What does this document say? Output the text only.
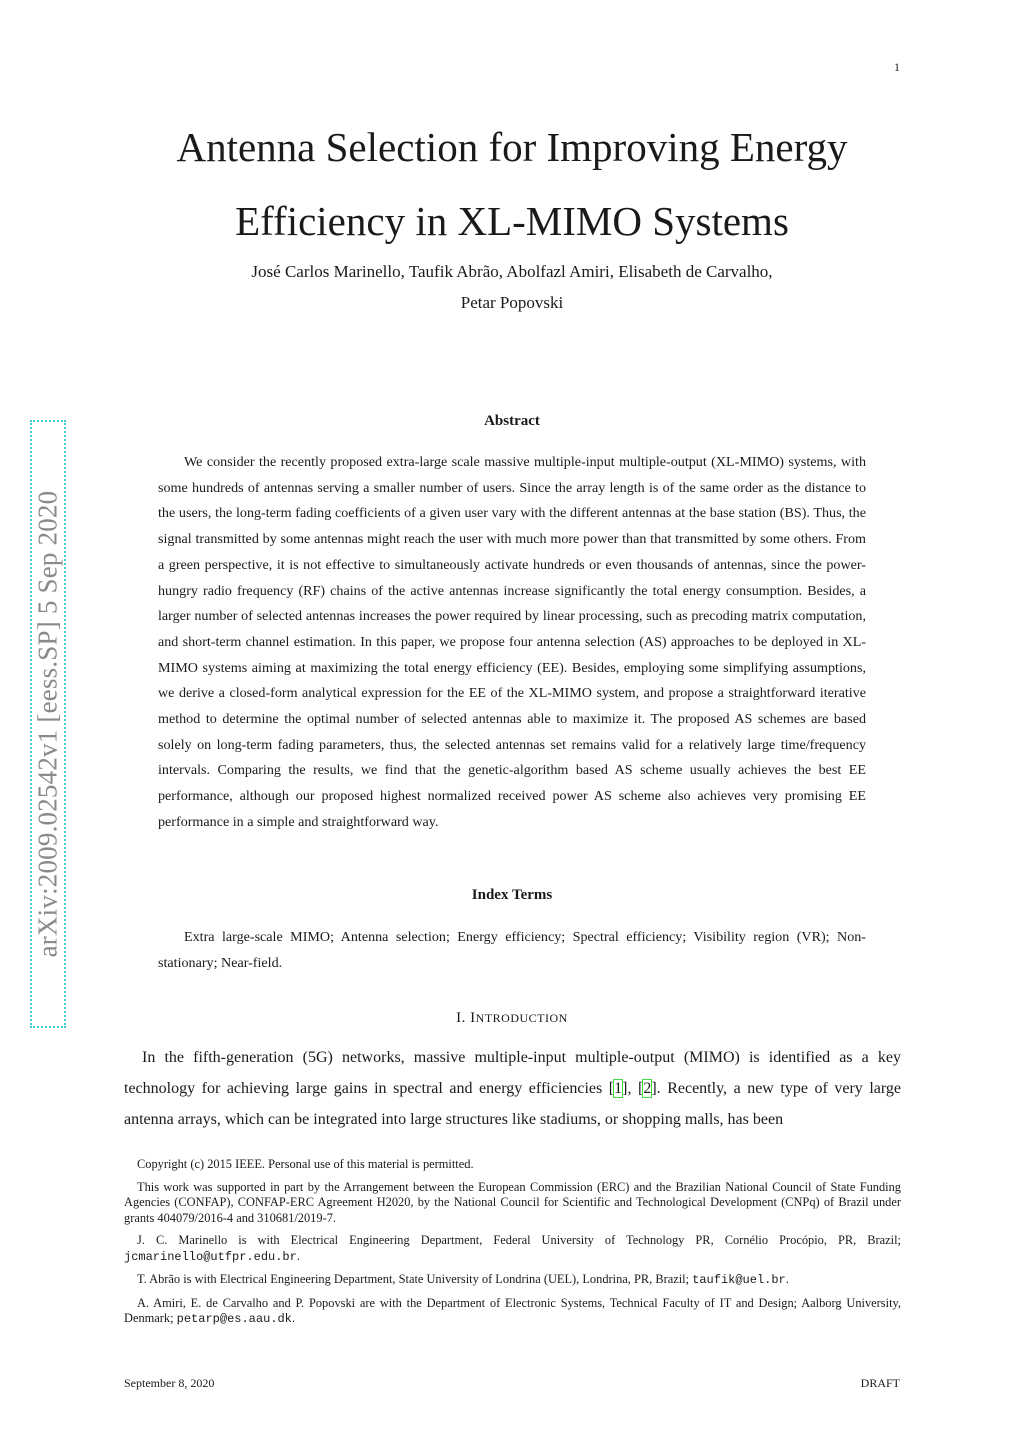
1
Antenna Selection for Improving Energy
Efficiency in XL-MIMO Systems
José Carlos Marinello, Taufik Abrão, Abolfazl Amiri, Elisabeth de Carvalho,
Petar Popovski
arXiv:2009.02542v1 [eess.SP] 5 Sep 2020
Abstract

We consider the recently proposed extra-large scale massive multiple-input multiple-output (XL-MIMO) systems, with some hundreds of antennas serving a smaller number of users. Since the array length is of the same order as the distance to the users, the long-term fading coefficients of a given user vary with the different antennas at the base station (BS). Thus, the signal transmitted by some antennas might reach the user with much more power than that transmitted by some others. From a green perspective, it is not effective to simultaneously activate hundreds or even thousands of antennas, since the power-hungry radio frequency (RF) chains of the active antennas increase significantly the total energy consumption. Besides, a larger number of selected antennas increases the power required by linear processing, such as precoding matrix computation, and short-term channel estimation. In this paper, we propose four antenna selection (AS) approaches to be deployed in XL-MIMO systems aiming at maximizing the total energy efficiency (EE). Besides, employing some simplifying assumptions, we derive a closed-form analytical expression for the EE of the XL-MIMO system, and propose a straightforward iterative method to determine the optimal number of selected antennas able to maximize it. The proposed AS schemes are based solely on long-term fading parameters, thus, the selected antennas set remains valid for a relatively large time/frequency intervals. Comparing the results, we find that the genetic-algorithm based AS scheme usually achieves the best EE performance, although our proposed highest normalized received power AS scheme also achieves very promising EE performance in a simple and straightforward way.

Index Terms

Extra large-scale MIMO; Antenna selection; Energy efficiency; Spectral efficiency; Visibility region (VR); Non-stationary; Near-field.

I. INTRODUCTION

In the fifth-generation (5G) networks, massive multiple-input multiple-output (MIMO) is identified as a key technology for achieving large gains in spectral and energy efficiencies [1], [2]. Recently, a new type of very large antenna arrays, which can be integrated into large structures like stadiums, or shopping malls, has been

Copyright (c) 2015 IEEE. Personal use of this material is permitted.

This work was supported in part by the Arrangement between the European Commission (ERC) and the Brazilian National Council of State Funding Agencies (CONFAP), CONFAP-ERC Agreement H2020, by the National Council for Scientific and Technological Development (CNPq) of Brazil under grants 404079/2016-4 and 310681/2019-7.

J. C. Marinello is with Electrical Engineering Department, Federal University of Technology PR, Cornélio Procópio, PR, Brazil; jcmarinello@utfpr.edu.br.

T. Abrão is with Electrical Engineering Department, State University of Londrina (UEL), Londrina, PR, Brazil; taufik@uel.br.

A. Amiri, E. de Carvalho and P. Popovski are with the Department of Electronic Systems, Technical Faculty of IT and Design; Aalborg University, Denmark; petarp@es.aau.dk.

September 8, 2020	DRAFT
